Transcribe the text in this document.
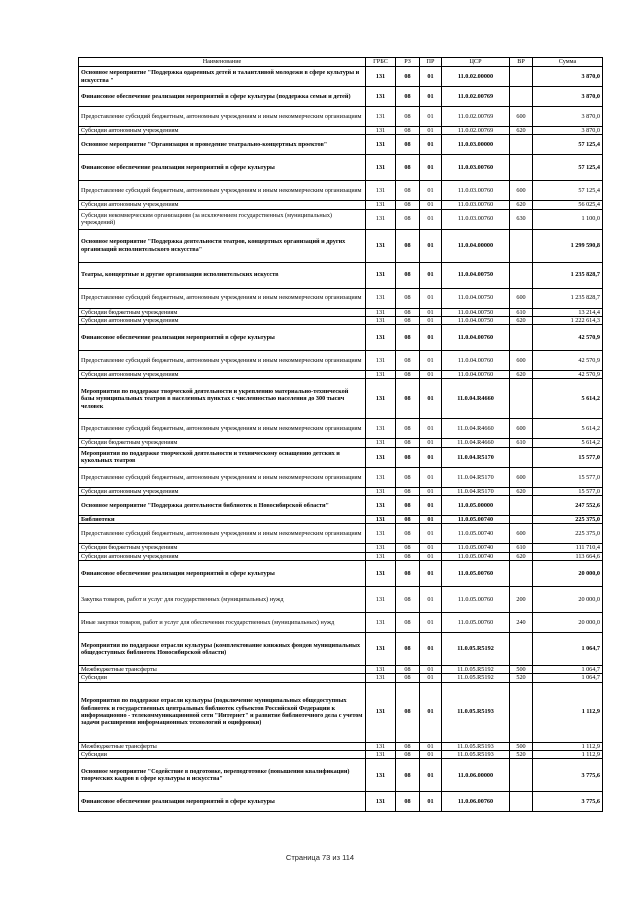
Наименование	ГРБС	РЗ	ПР	ЦСР	ВР	Сумма
Основное мероприятие "Поддержка одаренных детей и талантливой молодежи в сфере культуры и искусства "	131	08	01	11.0.02.00000		3 870,0
Финансовое обеспечение реализации мероприятий в сфере культуры (поддержка семьи и детей)	131	08	01	11.0.02.00769		3 870,0
Предоставление субсидий бюджетным, автономным учреждениям и иным некоммерческим организациям	131	08	01	11.0.02.00769	600	3 870,0
Субсидии автономным учреждениям	131	08	01	11.0.02.00769	620	3 870,0
Основное мероприятие "Организация и проведение театрально-концертных проектов"	131	08	01	11.0.03.00000		57 125,4
Финансовое обеспечение реализации мероприятий в сфере культуры	131	08	01	11.0.03.00760		57 125,4
Предоставление субсидий бюджетным, автономным учреждениям и иным некоммерческим организациям	131	08	01	11.0.03.00760	600	57 125,4
Субсидии автономным учреждениям	131	08	01	11.0.03.00760	620	56 025,4
Субсидии некоммерческим организациям (за исключением государственных (муниципальных) учреждений)	131	08	01	11.0.03.00760	630	1 100,0
Основное мероприятие "Поддержка деятельности театров, концертных организаций и других организаций исполнительского искусства"	131	08	01	11.0.04.00000		1 299 590,8
Театры, концертные и другие организации исполнительских искусств	131	08	01	11.0.04.00750		1 235 828,7
Предоставление субсидий бюджетным, автономным учреждениям и иным некоммерческим организациям	131	08	01	11.0.04.00750	600	1 235 828,7
Субсидии бюджетным учреждениям	131	08	01	11.0.04.00750	610	13 214,4
Субсидии автономным учреждениям	131	08	01	11.0.04.00750	620	1 222 614,3
Финансовое обеспечение реализации мероприятий в сфере культуры	131	08	01	11.0.04.00760		42 570,9
Предоставление субсидий бюджетным, автономным учреждениям и иным некоммерческим организациям	131	08	01	11.0.04.00760	600	42 570,9
Субсидии автономным учреждениям	131	08	01	11.0.04.00760	620	42 570,9
Мероприятия по поддержке творческой деятельности и укреплению материально-технической базы муниципальных театров в населенных пунктах с численностью населения до 300 тысяч человек	131	08	01	11.0.04.R4660		5 614,2
Предоставление субсидий бюджетным, автономным учреждениям и иным некоммерческим организациям	131	08	01	11.0.04.R4660	600	5 614,2
Субсидии бюджетным учреждениям	131	08	01	11.0.04.R4660	610	5 614,2
Мероприятия по поддержке творческой деятельности и техническому оснащению детских и кукольных театров	131	08	01	11.0.04.R5170		15 577,0
Предоставление субсидий бюджетным, автономным учреждениям и иным некоммерческим организациям	131	08	01	11.0.04.R5170	600	15 577,0
Субсидии автономным учреждениям	131	08	01	11.0.04.R5170	620	15 577,0
Основное мероприятие "Поддержка деятельности библиотек в Новосибирской области"	131	08	01	11.0.05.00000		247 552,6
Библиотеки	131	08	01	11.0.05.00740		225 375,0
Предоставление субсидий бюджетным, автономным учреждениям и иным некоммерческим организациям	131	08	01	11.0.05.00740	600	225 375,0
Субсидии бюджетным учреждениям	131	08	01	11.0.05.00740	610	111 710,4
Субсидии автономным учреждениям	131	08	01	11.0.05.00740	620	113 664,6
Финансовое обеспечение реализации мероприятий в сфере культуры	131	08	01	11.0.05.00760		20 000,0
Закупка товаров, работ и услуг для государственных (муниципальных) нужд	131	08	01	11.0.05.00760	200	20 000,0
Иные закупки товаров, работ и услуг для обеспечения государственных (муниципальных) нужд	131	08	01	11.0.05.00760	240	20 000,0
Мероприятия по поддержке отрасли культуры (комплектование книжных фондов муниципальных общедоступных библиотек Новосибирской области)	131	08	01	11.0.05.R5192		1 064,7
Межбюджетные трансферты	131	08	01	11.0.05.R5192	500	1 064,7
Субсидии	131	08	01	11.0.05.R5192	520	1 064,7
Мероприятия по поддержке отрасли культуры (подключение муниципальных общедоступных библиотек и государственных центральных библиотек субъектов Российской Федерации к информационно - телекоммуникационной сети "Интернет" и развитие библиотечного дела с учетом задачи расширения информационных технологий и оцифровки)	131	08	01	11.0.05.R5193		1 112,9
Межбюджетные трансферты	131	08	01	11.0.05.R5193	500	1 112,9
Субсидии	131	08	01	11.0.05.R5193	520	1 112,9
Основное мероприятие "Содействие в подготовке, переподготовке (повышении квалификации) творческих кадров в сфере культуры и искусства"	131	08	01	11.0.06.00000		3 775,6
Финансовое обеспечение реализации мероприятий в сфере культуры	131	08	01	11.0.06.00760		3 775,6
Страница 73 из 114
